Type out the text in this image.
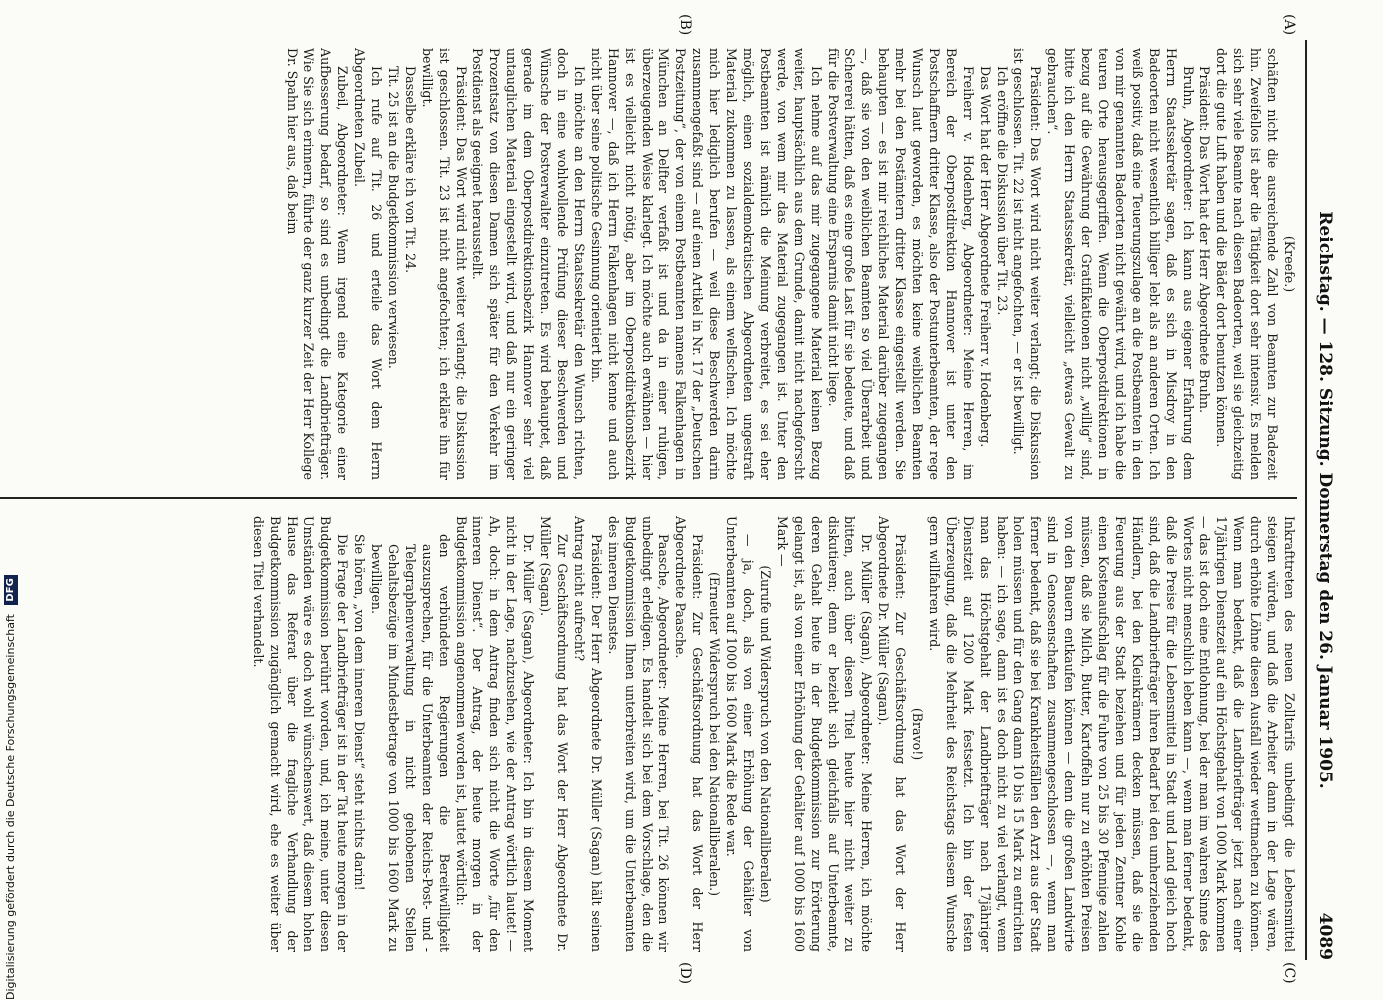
Reichstag. — 128. Sitzung. Donnerstag den 26. Januar 1905.
4089

(Kreefe.)

schäften nicht die ausreichende Zahl von Beamten zur Badezeit hin. Zweifellos ist aber die Tätigkeit dort sehr intensiv. Es melden sich sehr viele Beamte nach diesen Badeorten, weil sie gleichzeitig dort die gute Luft haben und die Bäder dort benutzen können.

Präsident: Das Wort hat der Herr Abgeordnete Bruhn.

Bruhn, Abgeordneter: Ich kann aus eigener Erfahrung dem Herrn Staatssekretär sagen, daß es sich in Misdroy in den Badeorten nicht wesentlich billiger lebt als an anderen Orten. Ich weiß positiv, daß eine Teuerungszulage an die Postbeamten in den von mir genannten Badeorten nicht gewährt wird, und ich habe die teuren Orte herausgegriffen. Wenn die Oberpostdirektionen in bezug auf die Gewährung der Gratifikationen nicht „willig“ sind, bitte ich den Herrn Staatssekretär, vielleicht „etwas Gewalt zu gebrauchen“.

Präsident: Das Wort wird nicht weiter verlangt; die Diskussion ist geschlossen. Tit. 22 ist nicht angefochten, — er ist bewilligt.

Ich eröffne die Diskussion über Tit. 23.

Das Wort hat der Herr Abgeordnete Freiherr v. Hodenberg.

Freiherr v. Hodenberg, Abgeordneter: Meine Herren, im Bereich der Oberpostdirektion Hannover ist unter den Postschaffnern dritter Klasse, also der Postunterbeamten, der rege Wunsch laut geworden, es möchten keine weiblichen Beamten mehr bei den Postämtern dritter Klasse eingestellt werden. Sie behaupten — es ist mir reichliches Material darüber zugegangen —, daß sie von den weiblichen Beamten so viel Überarbeit und Schererei hätten, daß es eine große Last für sie bedeute, und daß für die Postverwaltung eine Ersparnis damit nicht liege.

Ich nehme auf das mir zugegangene Material keinen Bezug weiter, hauptsächlich aus dem Grunde, damit nicht nachgeforscht werde, von wem mir das Material zugegangen ist. Unter den Postbeamten ist nämlich die Meinung verbreitet, es sei eher möglich, einen sozialdemokratischen Abgeordneten ungestraft Material zukommen zu lassen, als einem welfischen. Ich möchte mich hier lediglich berufen — weil diese Beschwerden darin zusammengefaßt sind — auf einen Artikel in Nr. 17 der „Deutschen Postzeitung“, der von einem Postbeamten namens Falkenhagen in München an Delfter verfaßt ist und da in einer ruhigen, überzeugenden Weise klarlegt. Ich möchte auch erwähnen — hier ist es vielleicht nicht nötig, aber im Oberpostdirektionsbezirk Hannover —, daß ich Herrn Falkenhagen nicht kenne und auch nicht über seine politische Gesinnung orientiert bin.

Ich möchte an den Herrn Staatssekretär den Wunsch richten, doch in eine wohlwollende Prüfung dieser Beschwerden und Wünsche der Postverwalter einzutreten. Es wird behauptet, daß gerade im dem Oberpostdirektionsbezirk Hannover sehr viel untauglichen Material eingestellt wird, und daß nur ein geringer Prozentsatz von diesen Damen sich später für den Verkehr im Postdienst als geeignet herausstellt.

Präsident: Das Wort wird nicht weiter verlangt; die Diskussion ist geschlossen. Tit. 23 ist nicht angefochten; ich erkläre ihn für bewilligt.

Dasselbe erkläre ich von Tit. 24.

Tit. 25 ist an die Budgetkommission verwiesen.

Ich rufe auf Tit. 26 und erteile das Wort dem Herrn Abgeordneten Zubeil.

Zubeil, Abgeordneter: Wenn irgend eine Kategorie einer Aufbesserung bedarf, so sind es unbedingt die Landbriefträger. Wie Sie sich erinnern, führte der ganz kurzer Zeit der Herr Kollege Dr. Spahn hier aus, daß beim

Inkrafttreten des neuen Zolltarifs unbedingt die Lebensmittel steigen würden, und daß die Arbeiter dann in der Lage wären, durch erhöhte Löhne diesen Ausfall wieder wettmachen zu können. Wenn man bedenkt, daß die Landbriefträger jetzt nach einer 17jährigen Dienstzeit auf ein Höchstgehalt von 1000 Mark kommen — das ist doch eine Entlohnung, bei der man im wahren Sinne des Wortes nicht menschlich leben kann —, wenn man ferner bedenkt, daß die Preise für die Lebensmittel in Stadt und Land gleich hoch sind, daß die Landbriefträger ihren Bedarf bei den umherziehenden Händlern, bei den Kleinkrämern decken müssen, daß sie die Feuerung aus der Stadt beziehen und für jeden Zentner Kohle einen Kostenaufschlag für die Fuhre von 25 bis 30 Pfennige zahlen müssen, daß sie Milch, Butter, Kartoffeln nur zu erhöhten Preisen von den Bauern entkaufen können — denn die großen Landwirte sind in Genossenschaften zusammengeschlossen —, wenn man ferner bedenkt, daß sie bei Krankheitsfällen den Arzt aus der Stadt holen müssen und für den Gang dann 10 bis 15 Mark zu entrichten haben: — ich sage, dann ist es doch nicht zu viel verlangt, wenn man das Höchstgehalt der Landbriefträger nach 17jähriger Dienstzeit auf 1200 Mark festsetzt. Ich bin der festen Überzeugung, daß die Mehrheit des Reichstags diesem Wunsche gern willfahren wird.

(Bravo!)

Präsident: Zur Geschäftsordnung hat das Wort der Herr Abgeordnete Dr. Müller (Sagan).

Dr. Müller (Sagan), Abgeordneter: Meine Herren, ich möchte bitten, auch über diesen Titel heute hier nicht weiter zu diskutieren; denn er bezieht sich gleichfalls auf Unterbeamte, deren Gehalt heute in der Budgetkommission zur Erörterung gelangt ist, als von einer Erhöhung der Gehälter auf 1000 bis 1600 Mark —

(Zurufe und Widerspruch von den Nationalliberalen)

— ja, doch, als von einer Erhöhung der Gehälter von Unterbeamten auf 1000 bis 1600 Mark die Rede war.

(Erneuter Widerspruch bei den Nationalliberalen.)

Präsident: Zur Geschäftsordnung hat das Wort der Herr Abgeordnete Paasche.

Paasche, Abgeordneter: Meine Herren, bei Tit. 26 können wir unbedingt erledigen. Es handelt sich bei dem Vorschlage, den die Budgetkommission Ihnen unterbreiten wird, um die Unterbeamten des inneren Dienstes.

Präsident: Der Herr Abgeordnete Dr. Müller (Sagan) hält seinen Antrag nicht aufrecht?

Zur Geschäftsordnung hat das Wort der Herr Abgeordnete Dr. Müller (Sagan).

Dr. Müller (Sagan), Abgeordneter: Ich bin in diesem Moment nicht in der Lage, nachzusehen, wie der Antrag wörtlich lautet! — Ah, doch: in dem Antrag finden sich nicht die Worte „für den inneren Dienst“. Der Antrag, der heute morgen in der Budgetkommission angenommen worden ist, lautet wörtlich:

den verbündeten Regierungen die Bereitwilligkeit auszusprechen, für die Unterbeamten der Reichs-Post- und -Telegraphenverwaltung in nicht gehobenen Stellen Gehaltsbezüge im Mindestbetrage von 1000 bis 1600 Mark zu bewilligen.

Sie hören, „von dem inneren Dienst“ steht nichts darin!

Die Frage der Landbriefträger ist in der Tat heute morgen in der Budgetkommission berührt worden, und, ich meine, unter diesen Umständen wäre es doch wohl wünschenswert, daß diesem hohen Hause das Referat über die fragliche Verhandlung der Budgetkommission zugänglich gemacht wird, ehe es weiter über diesen Titel verhandelt.

(A)
(B)
(C)
(D)
Digitalisierung gefördert durch die Deutsche Forschungsgemeinschaft DFG
